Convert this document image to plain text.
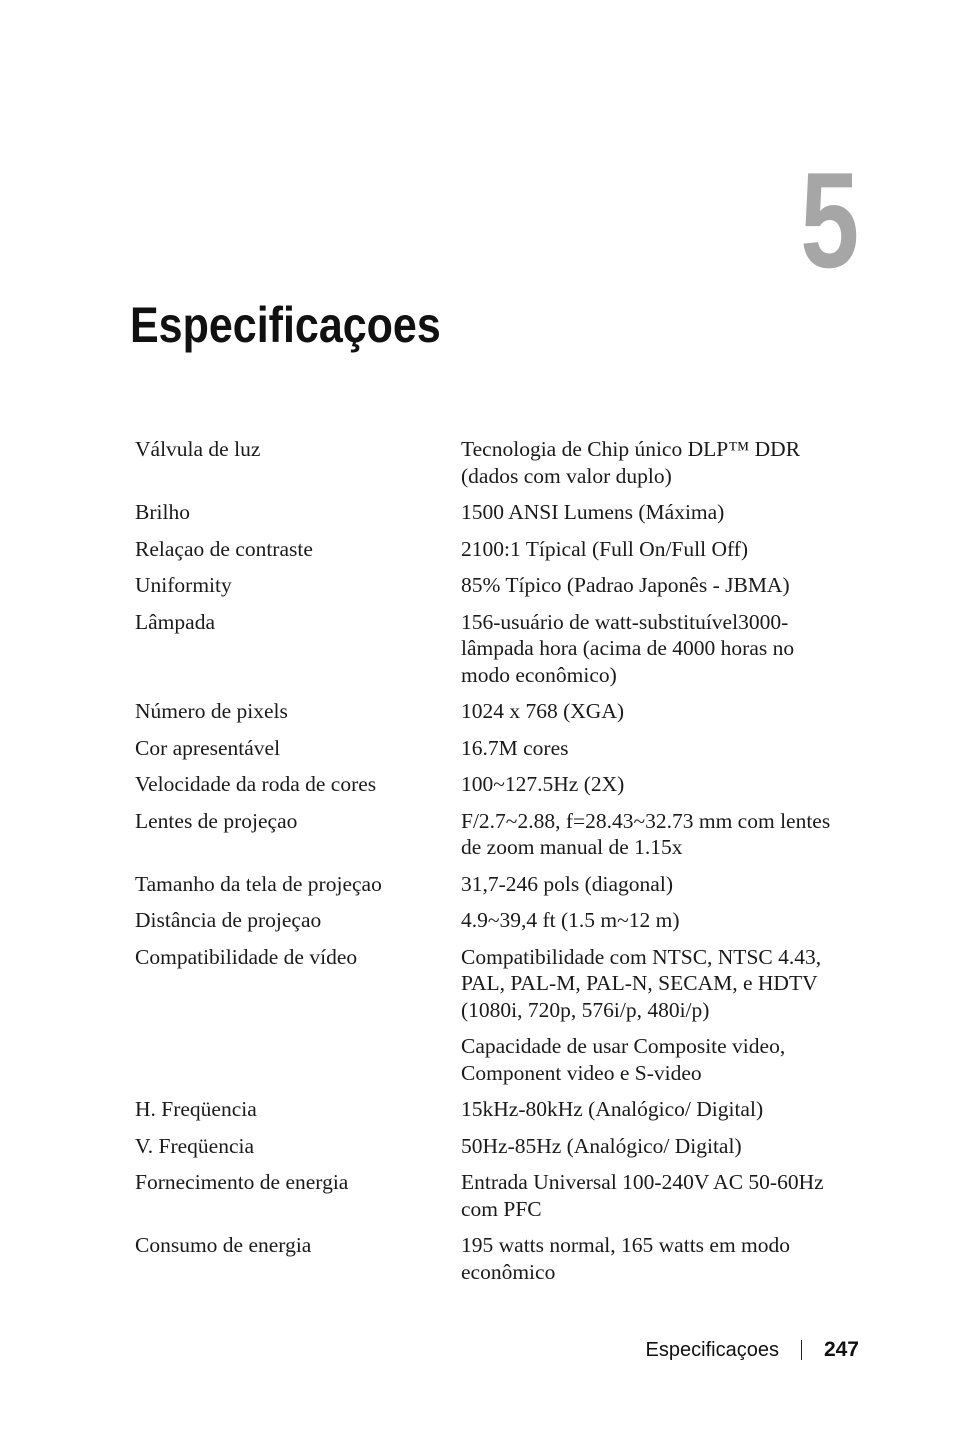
5
Especificaçoes
Válvula de luz	Tecnologia de Chip único DLP™ DDR (dados com valor duplo)
Brilho	1500 ANSI Lumens (Máxima)
Relaçao de contraste	2100:1 Típical (Full On/Full Off)
Uniformity	85% Típico (Padrao Japonês - JBMA)
Lâmpada	156-usuário de watt-substituível3000-lâmpada hora (acima de 4000 horas no modo econômico)
Número de pixels	1024 x 768 (XGA)
Cor apresentável	16.7M cores
Velocidade da roda de cores	100~127.5Hz (2X)
Lentes de projeçao	F/2.7~2.88, f=28.43~32.73 mm com lentes de zoom manual de 1.15x
Tamanho da tela de projeçao	31,7-246 pols (diagonal)
Distância de projeçao	4.9~39,4 ft (1.5 m~12 m)
Compatibilidade de vídeo	Compatibilidade com NTSC, NTSC 4.43, PAL, PAL-M, PAL-N, SECAM, e HDTV (1080i, 720p, 576i/p, 480i/p)
	Capacidade de usar Composite video, Component video e S-video
H. Freqüencia	15kHz-80kHz (Analógico/ Digital)
V. Freqüencia	50Hz-85Hz (Analógico/ Digital)
Fornecimento de energia	Entrada Universal 100-240V AC 50-60Hz com PFC
Consumo de energia	195 watts normal, 165 watts em modo econômico
Especificaçoes 247
